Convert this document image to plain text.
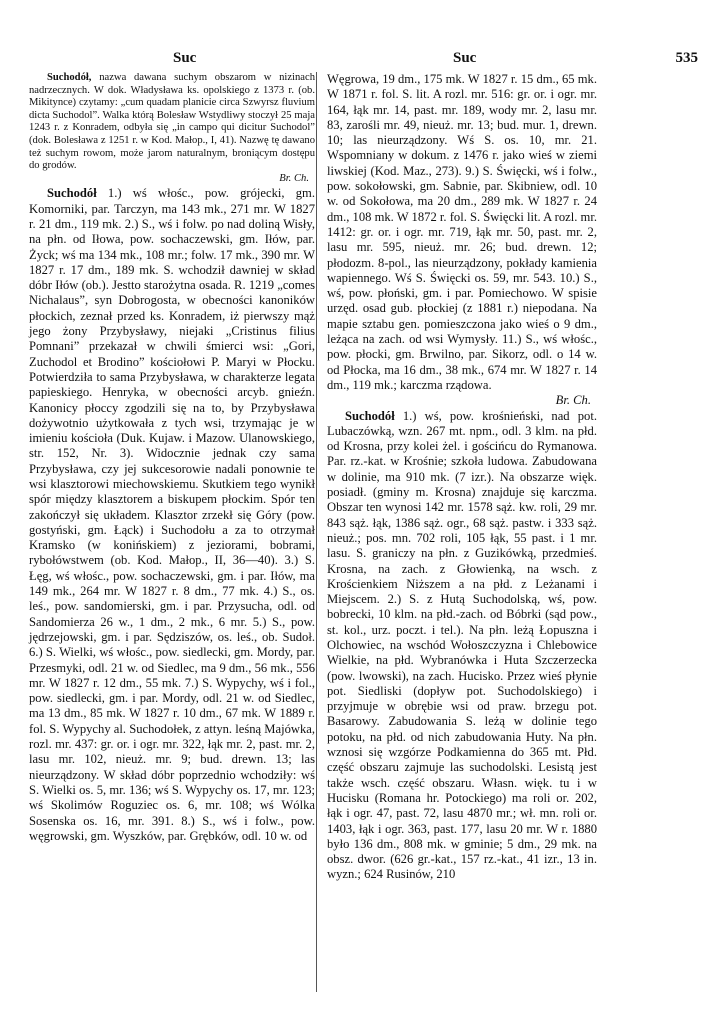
Suc	Suc	535

Suchodół, nazwa dawana suchym obszarom w nizinach nadrzecznych. W dok. Władysława ks. opolskiego z 1373 r. (ob. Mikitynce) czytamy: „cum quadam planicie circa Szwyrsz fluvium dicta Suchodol”. Walka którą Bolesław Wstydliwy stoczył 25 maja 1243 r. z Konradem, odbyła się „in campo qui dicitur Suchodol” (dok. Bolesława z 1251 r. w Kod. Małop., I, 41). Nazwę tę dawano też suchym rowom, może jarom naturalnym, broniącym dostępu do grodów.
Br. Ch.

Suchodół 1.) wś włośc., pow. grójecki, gm. Komorniki, par. Tarczyn, ma 143 mk., 271 mr. W 1827 r. 21 dm., 119 mk. 2.) S., wś i folw. po nad doliną Wisły, na płn. od Iłowa, pow. sochaczewski, gm. Iłów, par. Życk; wś ma 134 mk., 108 mr.; folw. 17 mk., 390 mr. W 1827 r. 17 dm., 189 mk. S. wchodził dawniej w skład dóbr Iłów (ob.). Jestto starożytna osada. R. 1219 „comes Nichalaus”, syn Dobrogosta, w obecności kanoników płockich, zeznał przed ks. Konradem, iż pierwszy mąż jego żony Przybysławy, niejaki „Cristinus filius Pomnani” przekazał w chwili śmierci wsi: „Gori, Zuchodol et Brodino” kościołowi P. Maryi w Płocku. Potwierdziła to sama Przybysława, w charakterze legata papieskiego. Henryka, w obecności arcyb. gnieźn. Kanonicy płoccy zgodzili się na to, by Przybysława dożywotnio użytkowała z tych wsi, trzymając je w imieniu kościoła (Duk. Kujaw. i Mazow. Ulanowskiego, str. 152, Nr. 3). Widocznie jednak czy sama Przybysława, czy jej sukcesorowie nadali ponownie te wsi klasztorowi miechowskiemu. Skutkiem tego wynikł spór między klasztorem a biskupem płockim. Spór ten zakończył się układem. Klasztor zrzekł się Góry (pow. gostyński, gm. Łąck) i Suchodołu a za to otrzymał Kramsko (w konińskiem) z jeziorami, bobrami, rybołówstwem (ob. Kod. Małop., II, 36—40). 3.) S. Łęg, wś włośc., pow. sochaczewski, gm. i par. Iłów, ma 149 mk., 264 mr. W 1827 r. 8 dm., 77 mk. 4.) S., os. leś., pow. sandomierski, gm. i par. Przysucha, odl. od Sandomierza 26 w., 1 dm., 2 mk., 6 mr. 5.) S., pow. jędrzejowski, gm. i par. Sędziszów, os. leś., ob. Sudoł. 6.) S. Wielki, wś włośc., pow. siedlecki, gm. Mordy, par. Przesmyki, odl. 21 w. od Siedlec, ma 9 dm., 56 mk., 556 mr. W 1827 r. 12 dm., 55 mk. 7.) S. Wypychy, wś i fol., pow. siedlecki, gm. i par. Mordy, odl. 21 w. od Siedlec, ma 13 dm., 85 mk. W 1827 r. 10 dm., 67 mk. W 1889 r. fol. S. Wypychy al. Suchodołek, z attyn. leśną Majówka, rozl. mr. 437: gr. or. i ogr. mr. 322, łąk mr. 2, past. mr. 2, lasu mr. 102, nieuż. mr. 9; bud. drewn. 13; las nieurządzony. W skład dóbr poprzednio wchodziły: wś S. Wielki os. 5, mr. 136; wś S. Wypychy os. 17, mr. 123; wś Skolimów Roguziec os. 6, mr. 108; wś Wólka Sosenska os. 16, mr. 391. 8.) S., wś i folw., pow. węgrowski, gm. Wyszków, par. Grębków, odl. 10 w. od

Węgrowa, 19 dm., 175 mk. W 1827 r. 15 dm., 65 mk. W 1871 r. fol. S. lit. A rozl. mr. 516: gr. or. i ogr. mr. 164, łąk mr. 14, past. mr. 189, wody mr. 2, lasu mr. 83, zarośli mr. 49, nieuż. mr. 13; bud. mur. 1, drewn. 10; las nieurządzony. Wś S. os. 10, mr. 21. Wspomniany w dokum. z 1476 r. jako wieś w ziemi liwskiej (Kod. Maz., 273). 9.) S. Święcki, wś i folw., pow. sokołowski, gm. Sabnie, par. Skibniew, odl. 10 w. od Sokołowa, ma 20 dm., 289 mk. W 1827 r. 24 dm., 108 mk. W 1872 r. fol. S. Święcki lit. A rozl. mr. 1412: gr. or. i ogr. mr. 719, łąk mr. 50, past. mr. 2, lasu mr. 595, nieuż. mr. 26; bud. drewn. 12; płodozm. 8-pol., las nieurządzony, pokłady kamienia wapiennego. Wś S. Święcki os. 59, mr. 543. 10.) S., wś, pow. płoński, gm. i par. Pomiechowo. W spisie urzęd. osad gub. płockiej (z 1881 r.) niepodana. Na mapie sztabu gen. pomieszczona jako wieś o 9 dm., leżąca na zach. od wsi Wymysły. 11.) S., wś włośc., pow. płocki, gm. Brwilno, par. Sikorz, odl. o 14 w. od Płocka, ma 16 dm., 38 mk., 674 mr. W 1827 r. 14 dm., 119 mk.; karczma rządowa.
Br. Ch.

Suchodół 1.) wś, pow. krośnieński, nad pot. Lubaczówką, wzn. 267 mt. npm., odl. 3 klm. na płd. od Krosna, przy kolei żel. i gościńcu do Rymanowa. Par. rz.-kat. w Krośnie; szkoła ludowa. Zabudowana w dolinie, ma 910 mk. (7 izr.). Na obszarze więk. posiadł. (gminy m. Krosna) znajduje się karczma. Obszar ten wynosi 142 mr. 1578 sąż. kw. roli, 29 mr. 843 sąż. łąk, 1386 sąż. ogr., 68 sąż. pastw. i 333 sąż. nieuż.; pos. mn. 702 roli, 105 łąk, 55 past. i 1 mr. lasu. S. graniczy na płn. z Guzikówką, przedmieś. Krosna, na zach. z Głowienką, na wsch. z Krościenkiem Niższem a na płd. z Leżanami i Miejscem. 2.) S. z Hutą Suchodolską, wś, pow. bobrecki, 10 klm. na płd.-zach. od Bóbrki (sąd pow., st. kol., urz. poczt. i tel.). Na płn. leżą Łopuszna i Olchowiec, na wschód Wołoszczyzna i Chlebowice Wielkie, na płd. Wybranówka i Huta Szczerzecka (pow. lwowski), na zach. Hucisko. Przez wieś płynie pot. Siedliski (dopływ pot. Suchodolskiego) i przyjmuje w obrębie wsi od praw. brzegu pot. Basarowy. Zabudowania S. leżą w dolinie tego potoku, na płd. od nich zabudowania Huty. Na płn. wznosi się wzgórze Podkamienna do 365 mt. Płd. część obszaru zajmuje las suchodolski. Lesistą jest także wsch. część obszaru. Własn. więk. tu i w Hucisku (Romana hr. Potockiego) ma roli or. 202, łąk i ogr. 47, past. 72, lasu 4870 mr.; wł. mn. roli or. 1403, łąk i ogr. 363, past. 177, lasu 20 mr. W r. 1880 było 136 dm., 808 mk. w gminie; 5 dm., 29 mk. na obsz. dwor. (626 gr.-kat., 157 rz.-kat., 41 izr., 13 in. wyzn.; 624 Rusinów, 210
